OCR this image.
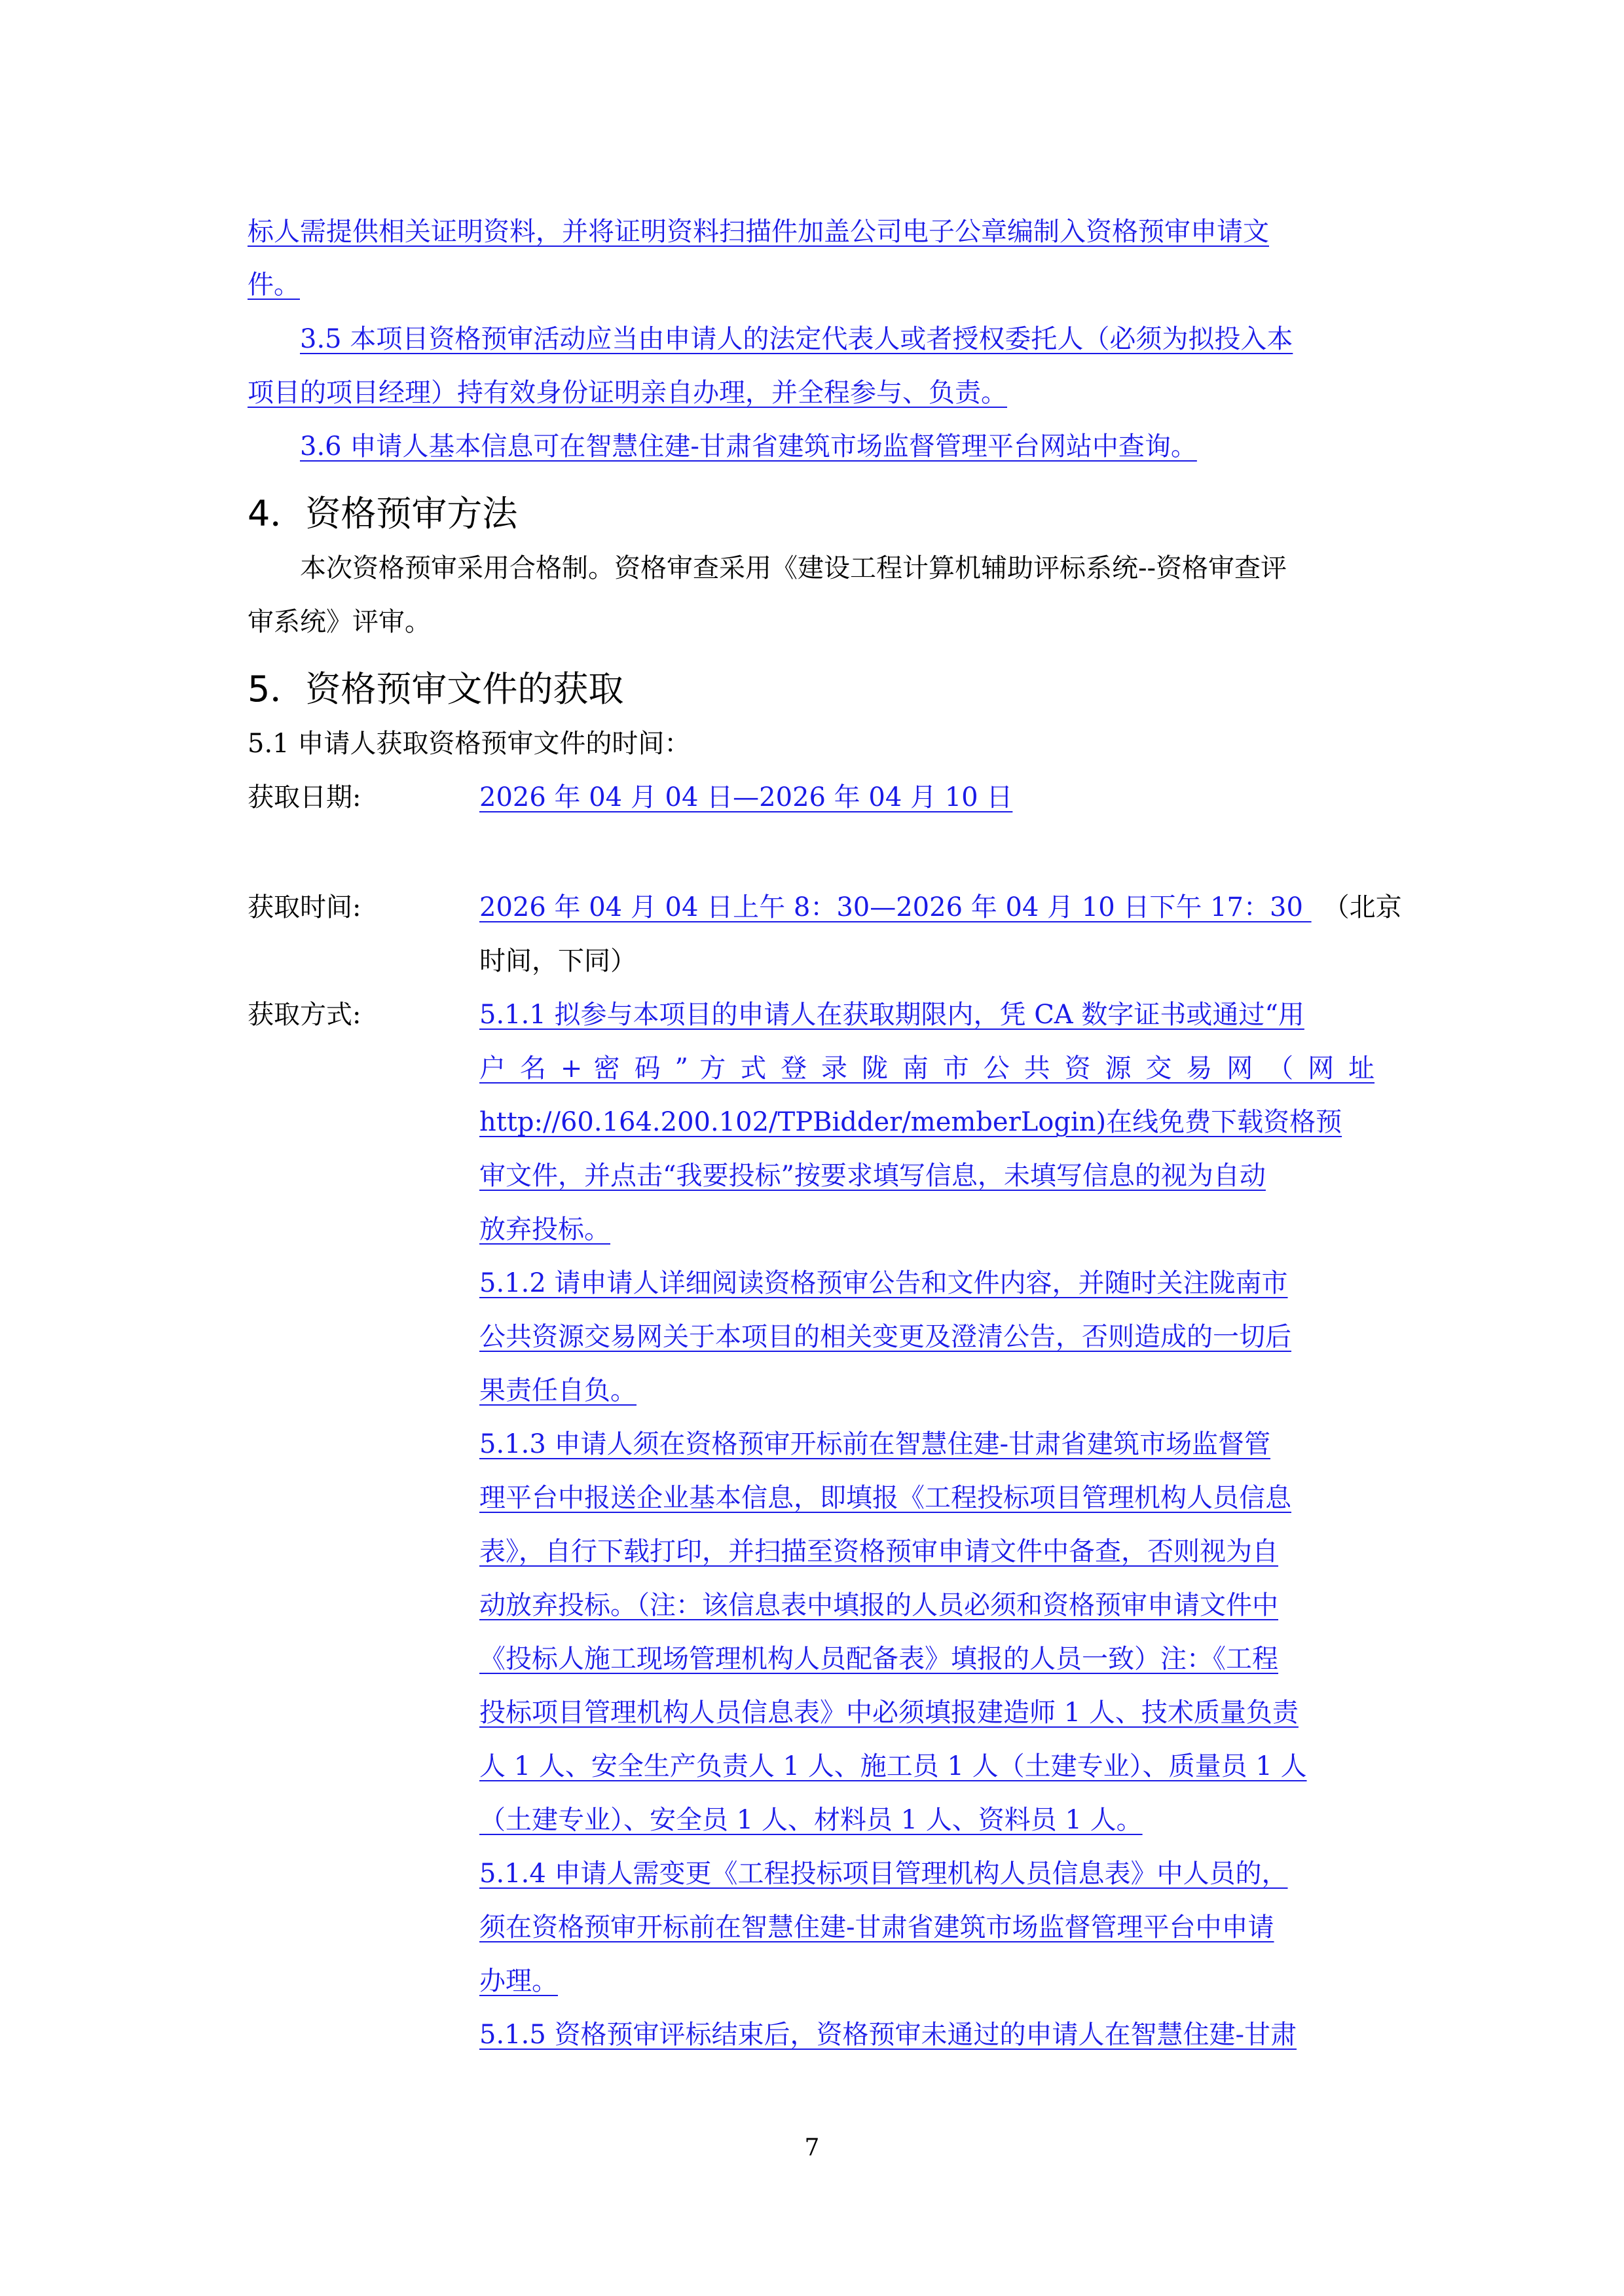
标人需提供相关证明资料，并将证明资料扫描件加盖公司电子公章编制入资格预审申请文
件。
3.5 本项目资格预审活动应当由申请人的法定代表人或者授权委托人（必须为拟投入本
项目的项目经理）持有效身份证明亲自办理，并全程参与、负责。
3.6 申请人基本信息可在智慧住建-甘肃省建筑市场监督管理平台网站中查询。
4．资格预审方法
本次资格预审采用合格制。资格审查采用《建设工程计算机辅助评标系统--资格审查评
审系统》评审。
5．资格预审文件的获取
5.1 申请人获取资格预审文件的时间：
获取日期:	2026 年 04 月 04 日—2026 年 04 月 10 日
获取时间:	2026 年 04 月 04 日上午 8：30—2026 年 04 月 10 日下午 17：30 （北京
时间，下同）
获取方式:	5.1.1 拟参与本项目的申请人在获取期限内，凭 CA 数字证书或通过“用
户 名 + 密 码 ” 方 式 登 录 陇 南 市 公 共 资 源 交 易 网 （ 网 址
http://60.164.200.102/TPBidder/memberLogin)在线免费下载资格预
审文件，并点击“我要投标”按要求填写信息，未填写信息的视为自动
放弃投标。
5.1.2 请申请人详细阅读资格预审公告和文件内容，并随时关注陇南市
公共资源交易网关于本项目的相关变更及澄清公告，否则造成的一切后
果责任自负。
5.1.3 申请人须在资格预审开标前在智慧住建-甘肃省建筑市场监督管
理平台中报送企业基本信息，即填报《工程投标项目管理机构人员信息
表》，自行下载打印，并扫描至资格预审申请文件中备查，否则视为自
动放弃投标。（注：该信息表中填报的人员必须和资格预审申请文件中
《投标人施工现场管理机构人员配备表》填报的人员一致）注：《工程
投标项目管理机构人员信息表》中必须填报建造师 1 人、技术质量负责
人 1 人、安全生产负责人 1 人、施工员 1 人（土建专业）、质量员 1 人
（土建专业）、安全员 1 人、材料员 1 人、资料员 1 人。
5.1.4 申请人需变更《工程投标项目管理机构人员信息表》中人员的，
须在资格预审开标前在智慧住建-甘肃省建筑市场监督管理平台中申请
办理。
5.1.5 资格预审评标结束后，资格预审未通过的申请人在智慧住建-甘肃
7
